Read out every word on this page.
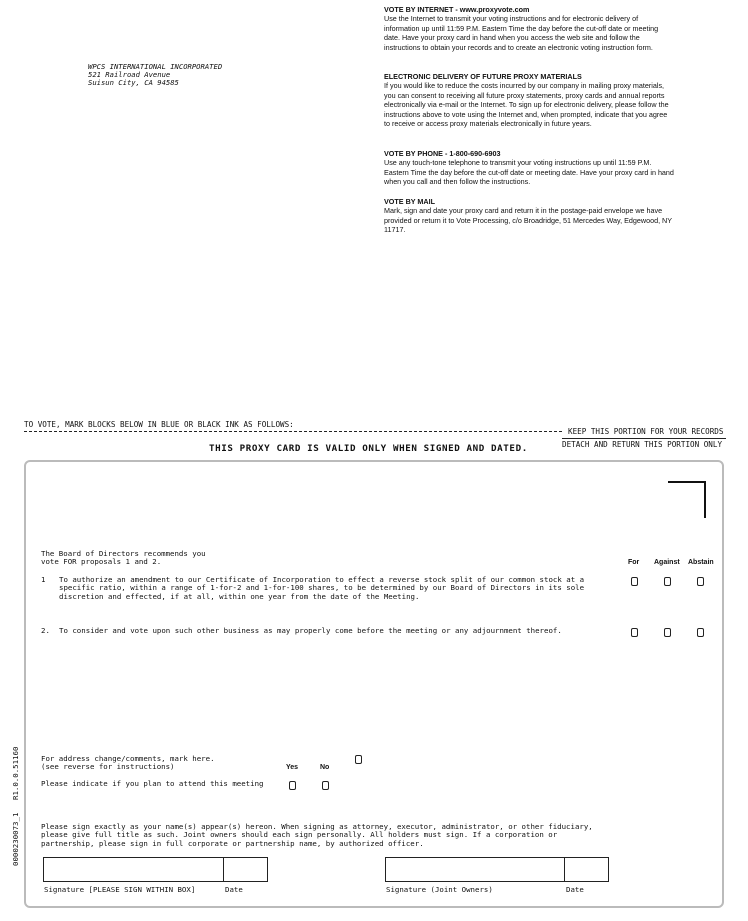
WPCS INTERNATIONAL INCORPORATED
521 Railroad Avenue
Suisun City, CA 94585
VOTE BY INTERNET - www.proxyvote.com
Use the Internet to transmit your voting instructions and for electronic delivery of information up until 11:59 P.M. Eastern Time the day before the cut-off date or meeting date. Have your proxy card in hand when you access the web site and follow the instructions to obtain your records and to create an electronic voting instruction form.
ELECTRONIC DELIVERY OF FUTURE PROXY MATERIALS
If you would like to reduce the costs incurred by our company in mailing proxy materials, you can consent to receiving all future proxy statements, proxy cards and annual reports electronically via e-mail or the Internet. To sign up for electronic delivery, please follow the instructions above to vote using the Internet and, when prompted, indicate that you agree to receive or access proxy materials electronically in future years.
VOTE BY PHONE - 1-800-690-6903
Use any touch-tone telephone to transmit your voting instructions up until 11:59 P.M. Eastern Time the day before the cut-off date or meeting date. Have your proxy card in hand when you call and then follow the instructions.
VOTE BY MAIL
Mark, sign and date your proxy card and return it in the postage-paid envelope we have provided or return it to Vote Processing, c/o Broadridge, 51 Mercedes Way, Edgewood, NY 11717.
TO VOTE, MARK BLOCKS BELOW IN BLUE OR BLACK INK AS FOLLOWS:
KEEP THIS PORTION FOR YOUR RECORDS
DETACH AND RETURN THIS PORTION ONLY
THIS PROXY CARD IS VALID ONLY WHEN SIGNED AND DATED.
The Board of Directors recommends you
vote FOR proposals 1 and 2.	For Against Abstain
1 To authorize an amendment to our Certificate of Incorporation to effect a reverse stock split of our common stock at a
specific ratio, within a range of 1-for-2 and 1-for-100 shares, to be determined by our Board of Directors in its sole
discretion and effected, if at all, within one year from the date of the Meeting.
2. To consider and vote upon such other business as may properly come before the meeting or any adjournment thereof.
For address change/comments, mark here.
(see reverse for instructions)	Yes	No
Please indicate if you plan to attend this meeting
Please sign exactly as your name(s) appear(s) hereon. When signing as attorney, executor, administrator, or other fiduciary,
please give full title as such. Joint owners should each sign personally. All holders must sign. If a corporation or
partnership, please sign in full corporate or partnership name, by authorized officer.
Signature [PLEASE SIGN WITHIN BOX]	Date	Signature (Joint Owners)	Date
R1.0.0.51160
0000230073_1
